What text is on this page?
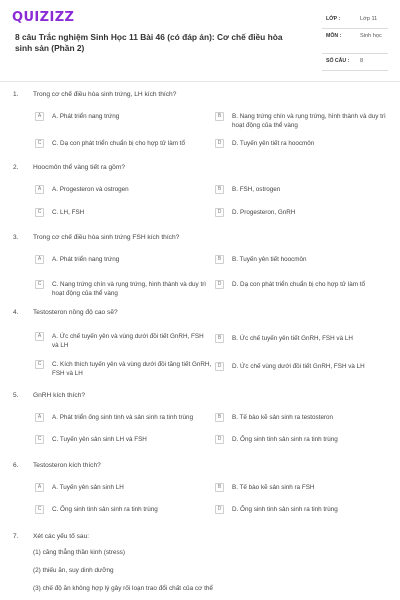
QUIZIZZ
8 câu Trắc nghiệm Sinh Học 11 Bài 46 (có đáp án): Cơ chế điều hòa sinh sản (Phần 2)
LỚP :	Lớp 11
MÔN :	Sinh học
SỐ CÂU : 8
1. Trong cơ chế điều hòa sinh trứng, LH kích thích?
A	A. Phát triển nang trứng	B	B. Nang trứng chín và rụng trứng, hình thành và duy trì hoạt động của thể vàng
C	C. Dạ con phát triển chuẩn bị cho hợp tử làm tổ	D	D. Tuyến yên tiết ra hoocmôn
2. Hoocmôn thể vàng tiết ra gồm?
A	A. Progesteron và ostrogen	B	B. FSH, ostrogen
C	C. LH, FSH	D	D. Progesteron, GnRH
3. Trong cơ chế điều hòa sinh trứng FSH kích thích?
A	A. Phát triển nang trứng	B	B. Tuyến yên tiết hoocmôn
C	C. Nang trứng chín và rụng trứng, hình thành và duy trì hoạt động của thể vàng
D	D. Dạ con phát triển chuẩn bị cho hợp tử làm tổ
4. Testosteron nồng độ cao sẽ?
A	A. Ức chế tuyến yên và vùng dưới đồi tiết GnRH, FSH và LH
B	B. Ức chế tuyến yên tiết GnRH, FSH và LH
C	C. Kích thích tuyến yên và vùng dưới đồi tăng tiết GnRH, FSH và LH
D	D. Ức chế vùng dưới đồi tiết GnRH, FSH và LH
5. GnRH kích thích?
A	A. Phát triển ống sinh tinh và sản sinh ra tinh trùng	B	B. Tế bào kẽ sản sinh ra testosteron
C	C. Tuyến yên sản sinh LH và FSH	D	D. Ống sinh tinh sản sinh ra tinh trùng
6. Testosteron kích thích?
A	A. Tuyến yên sản sinh LH	B	B. Tế bào kẽ sản sinh ra FSH
C	C. Ống sinh tinh sản sinh ra tinh trùng	D	D. Ống sinh tinh sản sinh ra tinh trùng
7. Xét các yếu tố sau:
(1) căng thẳng thần kinh (stress)
(2) thiếu ăn, suy dinh dưỡng
(3) chế độ ăn không hợp lý gây rối loạn trao đổi chất của cơ thể
